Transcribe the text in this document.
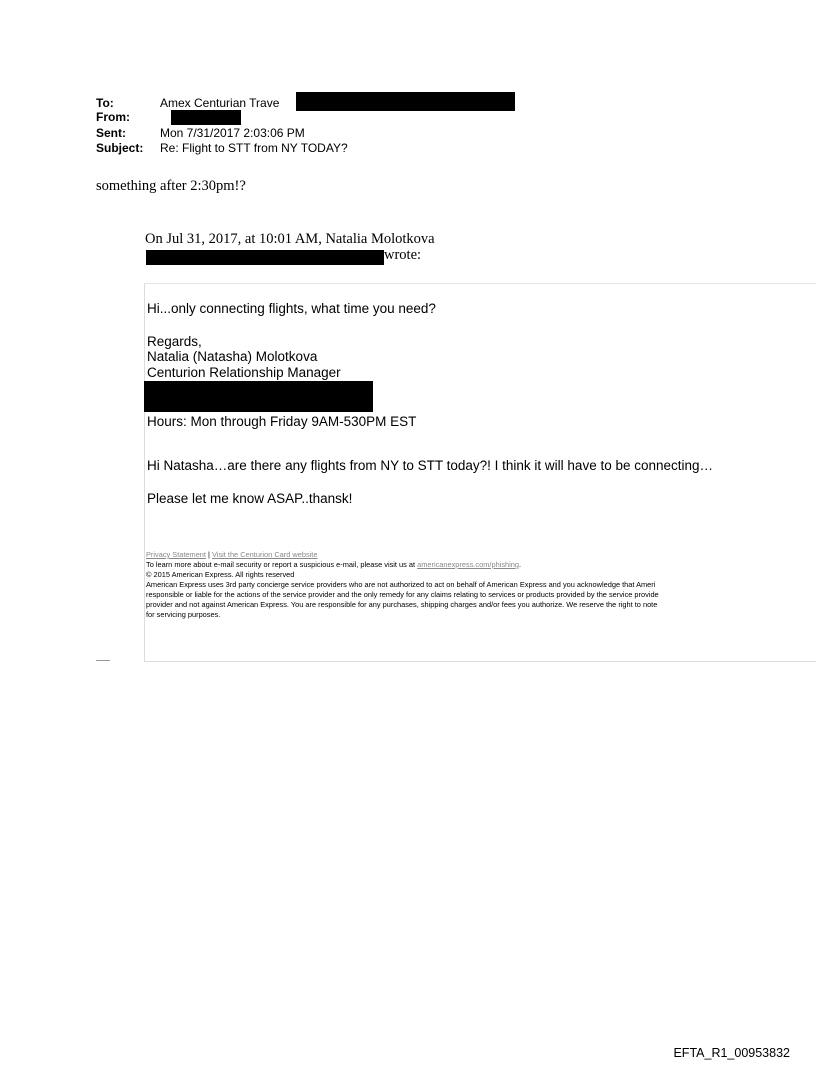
To:	Amex Centurian Trave
From:
Sent:	Mon 7/31/2017 2:03:06 PM
Subject: Re: Flight to STT from NY TODAY?
something after 2:30pm!?
On Jul 31, 2017, at 10:01 AM, Natalia Molotkova
wrote:
Hi...only connecting flights, what time you need?
Regards,
Natalia (Natasha) Molotkova
Centurion Relationship Manager
Hours: Mon through Friday 9AM-530PM EST
Hi Natasha…are there any flights from NY to STT today?! I think it will have to be connecting…
Please let me know ASAP..thansk!
Privacy Statement | Visit the Centurion Card website
To learn more about e-mail security or report a suspicious e-mail, please visit us at americanexpress.com/phishing.
© 2015 American Express. All rights reserved
American Express uses 3rd party concierge service providers who are not authorized to act on behalf of American Express and you acknowledge that Ameri
responsible or liable for the actions of the service provider and the only remedy for any claims relating to services or products provided by the service provide
provider and not against American Express. You are responsible for any purchases, shipping charges and/or fees you authorize. We reserve the right to note
for servicing purposes.
EFTA_R1_00953832
